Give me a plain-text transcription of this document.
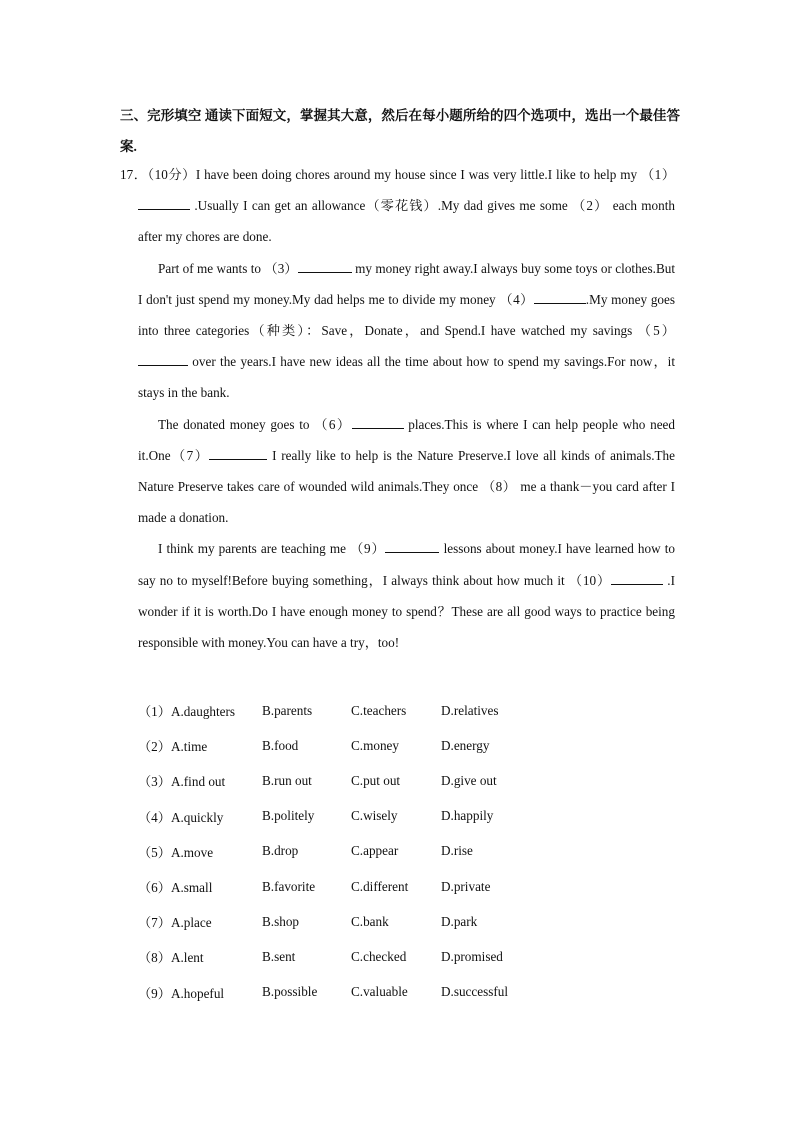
三、完形填空 通读下面短文，掌握其大意，然后在每小题所给的四个选项中，选出一个最佳答案.

17．（10分）I have been doing chores around my house since I was very little.I like to help my （1） .Usually I can get an allowance（零花钱）.My dad gives me some （2） each month after my chores are done.

Part of me wants to （3）	my money right away.I always buy some toys or clothes.But I don't just spend my money.My dad helps me to divide my money （4）	.My money goes into three categories（种类）：Save，Donate，and Spend.I have watched my savings （5） over the years.I have new ideas all the time about how to spend my savings.For now，it stays in the bank.

The donated money goes to （6）	places.This is where I can help people who need it.One（7）	I really like to help is the Nature Preserve.I love all kinds of animals.The Nature Preserve takes care of wounded wild animals.They once （8） me a thank－you card after I made a donation.

I think my parents are teaching me （9）	lessons about money.I have learned how to say no to myself!Before buying something，I always think about how much it （10）	.I wonder if it is worth.Do I have enough money to spend？These are all good ways to practice being responsible with money.You can have a try，too!

（1）A.daughters	B.parents	C.teachers	D.relatives
（2）A.time	B.food	C.money	D.energy
（3）A.find out	B.run out	C.put out	D.give out
（4）A.quickly	B.politely	C.wisely	D.happily
（5）A.move	B.drop	C.appear	D.rise
（6）A.small	B.favorite	C.different	D.private
（7）A.place	B.shop	C.bank	D.park
（8）A.lent	B.sent	C.checked	D.promised
（9）A.hopeful	B.possible	C.valuable	D.successful
